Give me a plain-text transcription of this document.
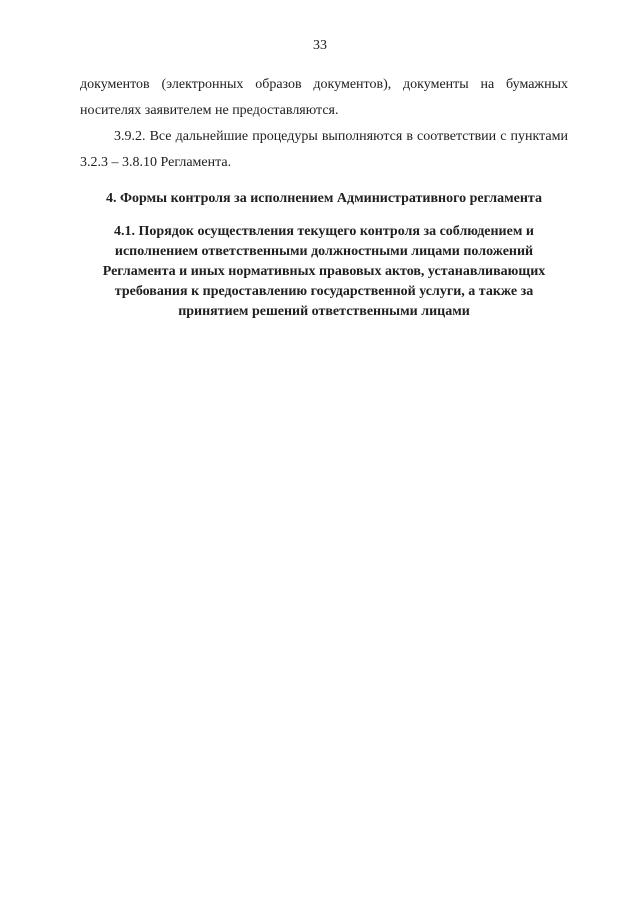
33

документов (электронных образов документов), документы на бумажных носителях заявителем не предоставляются.

3.9.2. Все дальнейшие процедуры выполняются в соответствии с пунктами 3.2.3 – 3.8.10 Регламента.

4. Формы контроля за исполнением Административного регламента

4.1. Порядок осуществления текущего контроля за соблюдением и исполнением ответственными должностными лицами положений Регламента и иных нормативных правовых актов, устанавливающих требования к предоставлению государственной услуги, а также за принятием решений ответственными лицами
